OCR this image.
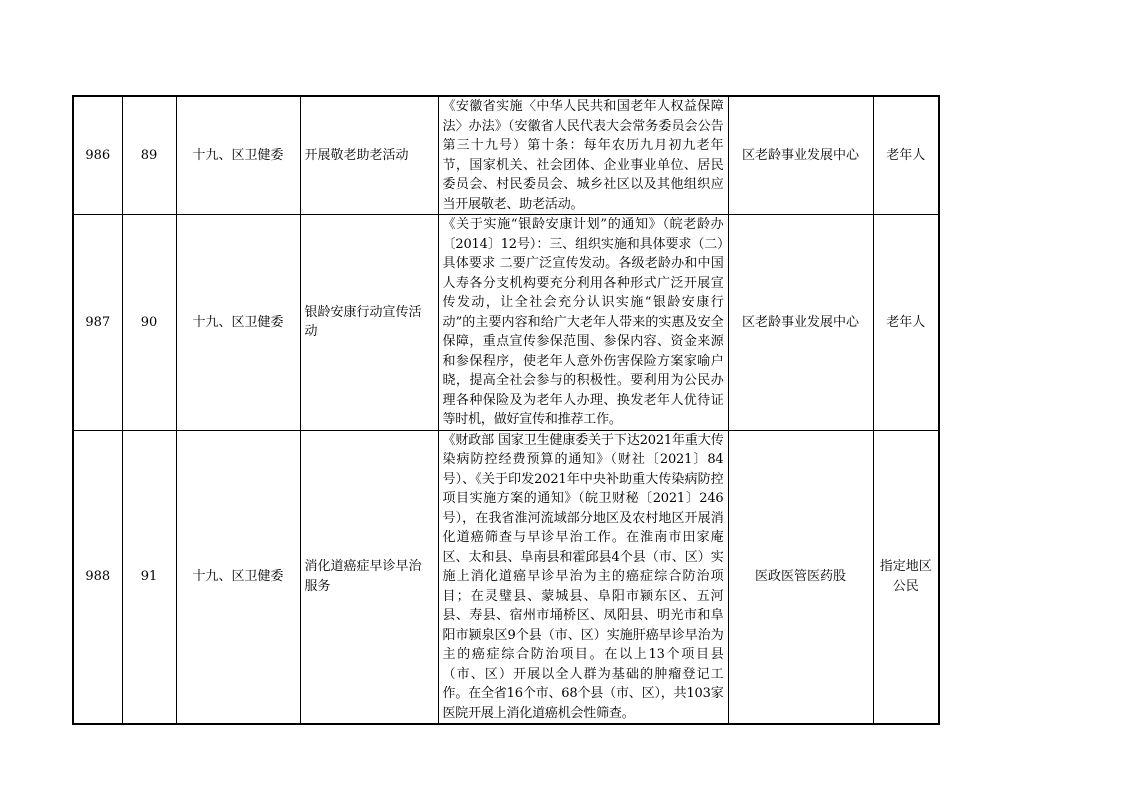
986	89	十九、区卫健委	开展敬老助老活动	《安徽省实施〈中华人民共和国老年人权益保障法〉办法》（安徽省人民代表大会常务委员会公告第三十九号）第十条：每年农历九月初九老年节，国家机关、社会团体、企业事业单位、居民委员会、村民委员会、城乡社区以及其他组织应当开展敬老、助老活动。	区老龄事业发展中心	老年人
987	90	十九、区卫健委	银龄安康行动宣传活动	《关于实施“银龄安康计划”的通知》（皖老龄办〔2014〕12号）：三、组织实施和具体要求（二）具体要求 二要广泛宣传发动。各级老龄办和中国人寿各分支机构要充分利用各种形式广泛开展宣传发动，让全社会充分认识实施“银龄安康行动”的主要内容和给广大老年人带来的实惠及安全保障，重点宣传参保范围、参保内容、资金来源和参保程序，使老年人意外伤害保险方案家喻户晓，提高全社会参与的积极性。要利用为公民办理各种保险及为老年人办理、换发老年人优待证等时机，做好宣传和推荐工作。	区老龄事业发展中心	老年人
988	91	十九、区卫健委	消化道癌症早诊早治服务	《财政部 国家卫生健康委关于下达2021年重大传染病防控经费预算的通知》（财社〔2021〕84号）、《关于印发2021年中央补助重大传染病防控项目实施方案的通知》（皖卫财秘〔2021〕246号），在我省淮河流域部分地区及农村地区开展消化道癌筛查与早诊早治工作。在淮南市田家庵区、太和县、阜南县和霍邱县4个县（市、区）实施上消化道癌早诊早治为主的癌症综合防治项目；在灵璧县、蒙城县、阜阳市颍东区、五河县、寿县、宿州市埇桥区、凤阳县、明光市和阜阳市颍泉区9个县（市、区）实施肝癌早诊早治为主的癌症综合防治项目。在以上13个项目县（市、区）开展以全人群为基础的肿瘤登记工作。在全省16个市、68个县（市、区），共103家医院开展上消化道癌机会性筛查。	医政医管医药股	指定地区公民
